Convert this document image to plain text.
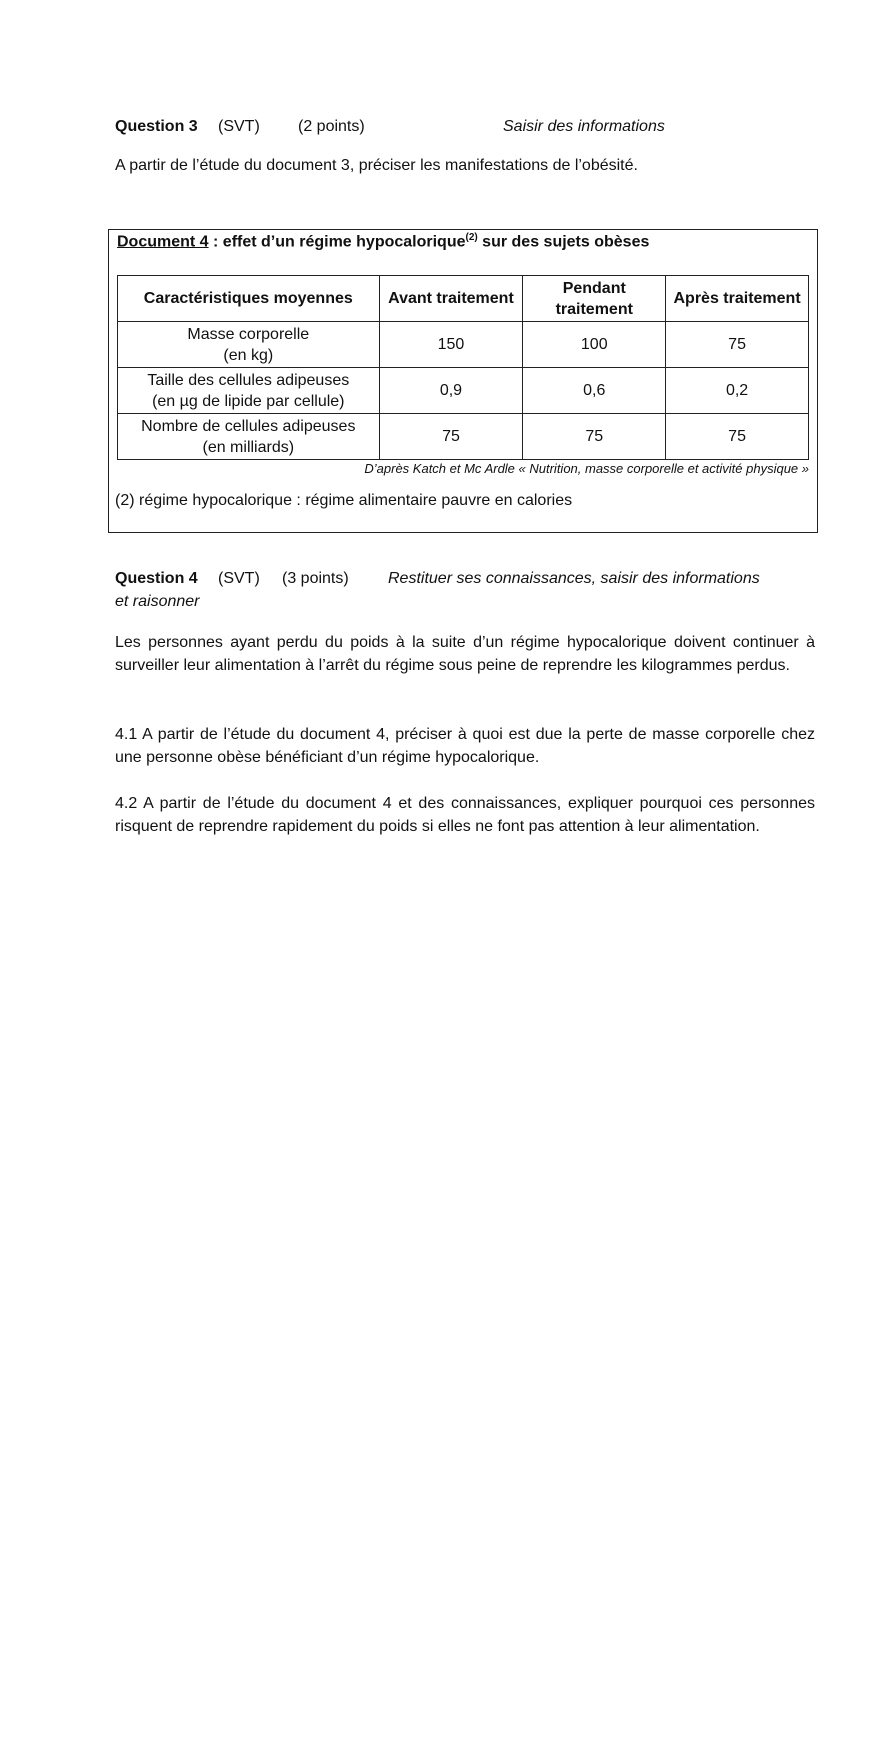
Question 3 (SVT) (2 points)	Saisir des informations
A partir de l’étude du document 3, préciser les manifestations de l’obésité.
Document 4 : effet d’un régime hypocalorique$^{(2)}$ sur des sujets obèses
Caractéristiques moyennes	Avant traitement	Pendant traitement	Après traitement

Masse corporelle
(en kg)	150	100	75

Taille des cellules adipeuses
(en µg de lipide par cellule)	0,9	0,6	0,2

Nombre de cellules adipeuses
(en milliards)	75	75	75
D’après Katch et Mc Ardle « Nutrition, masse corporelle et activité physique »
(2) régime hypocalorique : régime alimentaire pauvre en calories
Question 4 (SVT) (3 points) Restituer ses connaissances, saisir des informations
et raisonner
Les personnes ayant perdu du poids à la suite d’un régime hypocalorique doivent continuer à surveiller leur alimentation à l’arrêt du régime sous peine de reprendre les kilogrammes perdus.
4.1 A partir de l’étude du document 4, préciser à quoi est due la perte de masse corporelle chez une personne obèse bénéficiant d’un régime hypocalorique.
4.2 A partir de l’étude du document 4 et des connaissances, expliquer pourquoi ces personnes risquent de reprendre rapidement du poids si elles ne font pas attention à leur alimentation.
